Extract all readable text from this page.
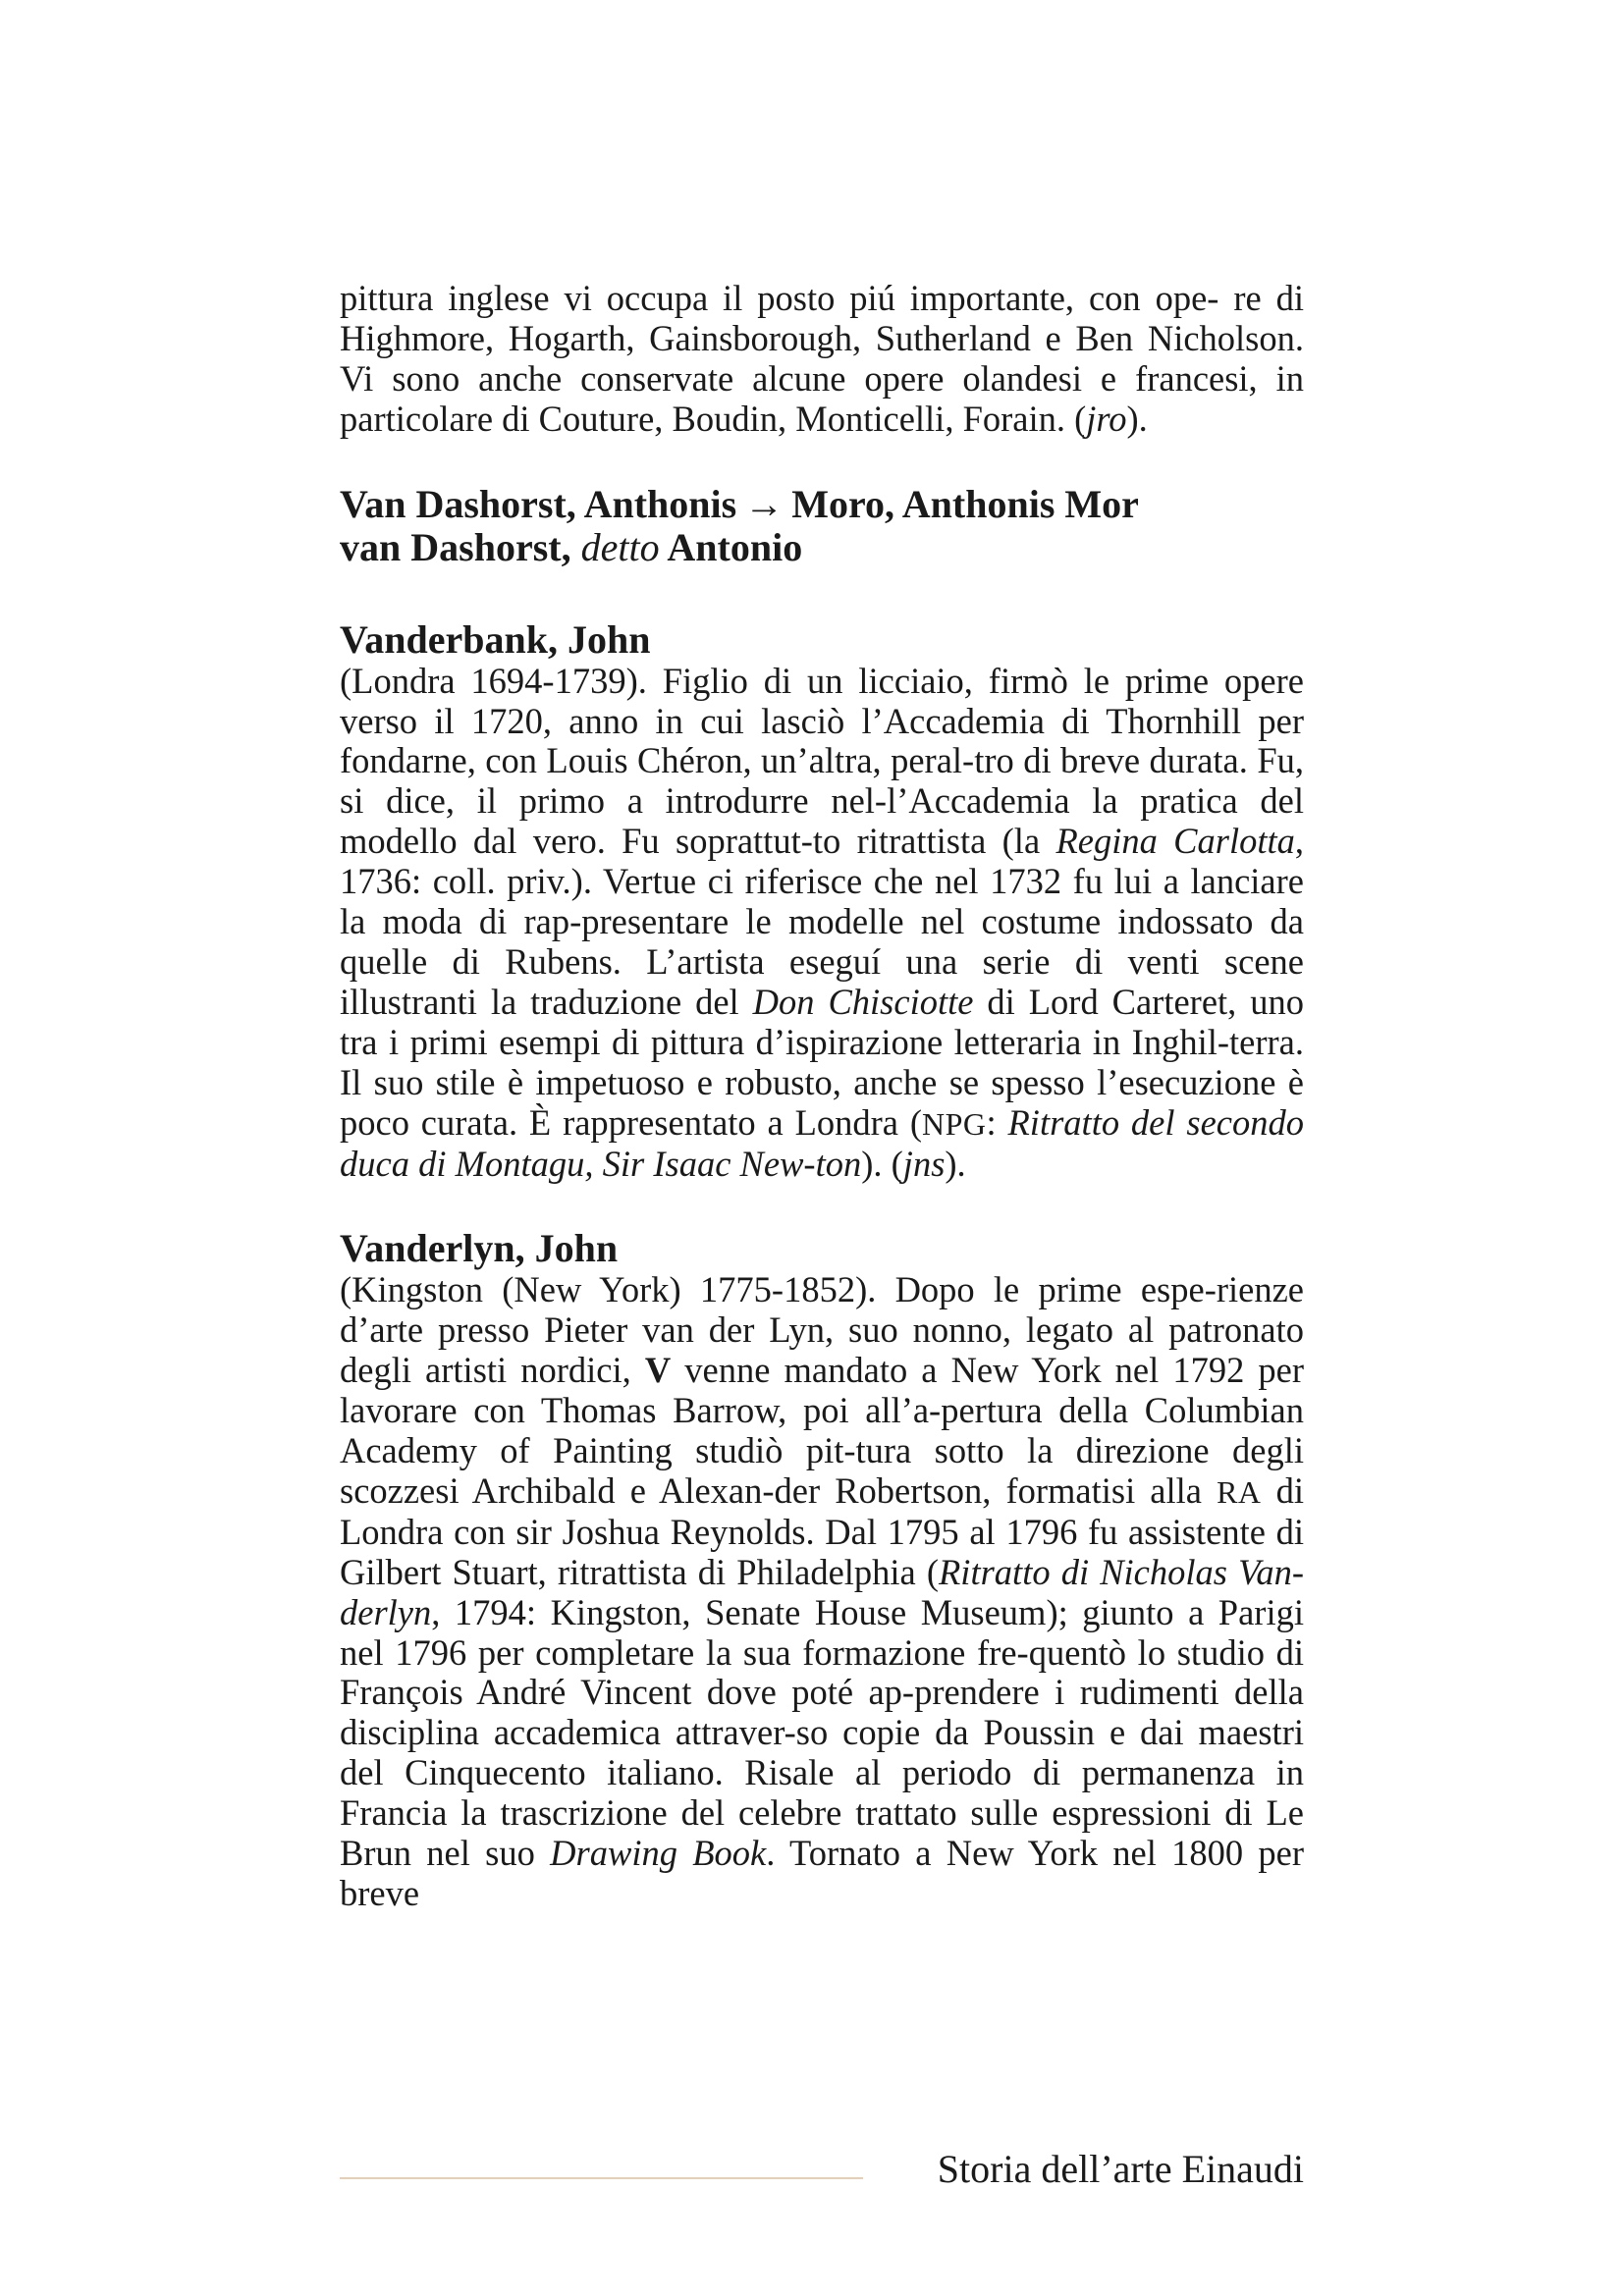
pittura inglese vi occupa il posto piú importante, con ope- re di Highmore, Hogarth, Gainsborough, Sutherland e Ben Nicholson. Vi sono anche conservate alcune opere olandesi e francesi, in particolare di Couture, Boudin, Monticelli, Forain. (jro).

Van Dashorst, Anthonis → Moro, Anthonis Mor
van Dashorst, detto Antonio

Vanderbank, John

(Londra 1694-1739). Figlio di un licciaio, firmò le prime opere verso il 1720, anno in cui lasciò l’Accademia di Thornhill per fondarne, con Louis Chéron, un’altra, peral-tro di breve durata. Fu, si dice, il primo a introdurre nel-l’Accademia la pratica del modello dal vero. Fu soprattut-to ritrattista (la Regina Carlotta, 1736: coll. priv.). Vertue ci riferisce che nel 1732 fu lui a lanciare la moda di rap-presentare le modelle nel costume indossato da quelle di Rubens. L’artista eseguí una serie di venti scene illustranti la traduzione del Don Chisciotte di Lord Carteret, uno tra i primi esempi di pittura d’ispirazione letteraria in Inghil-terra. Il suo stile è impetuoso e robusto, anche se spesso l’esecuzione è poco curata. È rappresentato a Londra (NPG: Ritratto del secondo duca di Montagu, Sir Isaac New-ton). (jns).

Vanderlyn, John

(Kingston (New York) 1775-1852). Dopo le prime espe-rienze d’arte presso Pieter van der Lyn, suo nonno, legato al patronato degli artisti nordici, V venne mandato a New York nel 1792 per lavorare con Thomas Barrow, poi all’a-pertura della Columbian Academy of Painting studiò pit-tura sotto la direzione degli scozzesi Archibald e Alexan-der Robertson, formatisi alla RA di Londra con sir Joshua Reynolds. Dal 1795 al 1796 fu assistente di Gilbert Stuart, ritrattista di Philadelphia (Ritratto di Nicholas Van-derlyn, 1794: Kingston, Senate House Museum); giunto a Parigi nel 1796 per completare la sua formazione fre-quentò lo studio di François André Vincent dove poté ap-prendere i rudimenti della disciplina accademica attraver-so copie da Poussin e dai maestri del Cinquecento italiano. Risale al periodo di permanenza in Francia la trascrizione del celebre trattato sulle espressioni di Le Brun nel suo Drawing Book. Tornato a New York nel 1800 per breve

Storia dell’arte Einaudi
